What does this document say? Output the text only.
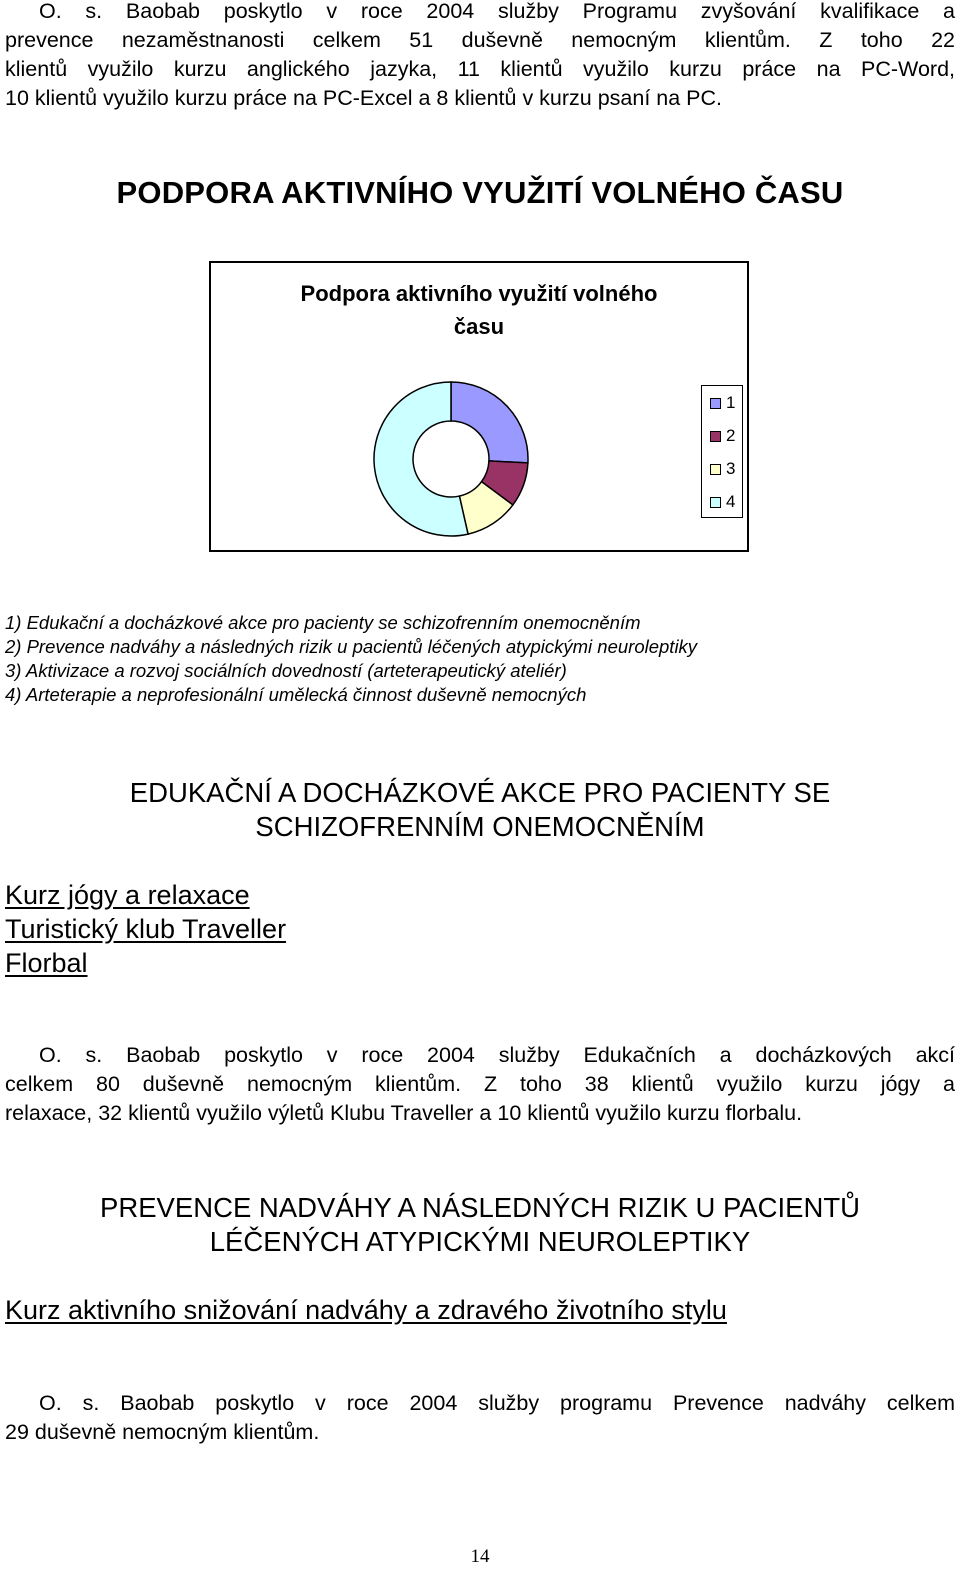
O. s. Baobab poskytlo v roce 2004 služby Programu zvyšování kvalifikace a
prevence nezaměstnanosti celkem 51 duševně nemocným klientům. Z toho 22
klientů využilo kurzu anglického jazyka, 11 klientů využilo kurzu práce na PC-Word,
10 klientů využilo kurzu práce na PC-Excel a 8 klientů v kurzu psaní na PC.
PODPORA AKTIVNÍHO VYUŽITÍ VOLNÉHO ČASU
Podpora aktivního využití volného
času
1
2
3
4
1) Edukační a docházkové akce pro pacienty se schizofrenním onemocněním
2) Prevence nadváhy a následných rizik u pacientů léčených atypickými neuroleptiky
3) Aktivizace a rozvoj sociálních dovedností (arteterapeutický ateliér)
4) Arteterapie a neprofesionální umělecká činnost duševně nemocných
EDUKAČNÍ A DOCHÁZKOVÉ AKCE PRO PACIENTY SE
SCHIZOFRENNÍM ONEMOCNĚNÍM
Kurz jógy a relaxace
Turistický klub Traveller
Florbal
O. s. Baobab poskytlo v roce 2004 služby Edukačních a docházkových akcí
celkem 80 duševně nemocným klientům. Z toho 38 klientů využilo kurzu jógy a
relaxace, 32 klientů využilo výletů Klubu Traveller a 10 klientů využilo kurzu florbalu.
PREVENCE NADVÁHY A NÁSLEDNÝCH RIZIK U PACIENTŮ
LÉČENÝCH ATYPICKÝMI NEUROLEPTIKY
Kurz aktivního snižování nadváhy a zdravého životního stylu
O. s. Baobab poskytlo v roce 2004 služby programu Prevence nadváhy celkem
29 duševně nemocným klientům.
14
